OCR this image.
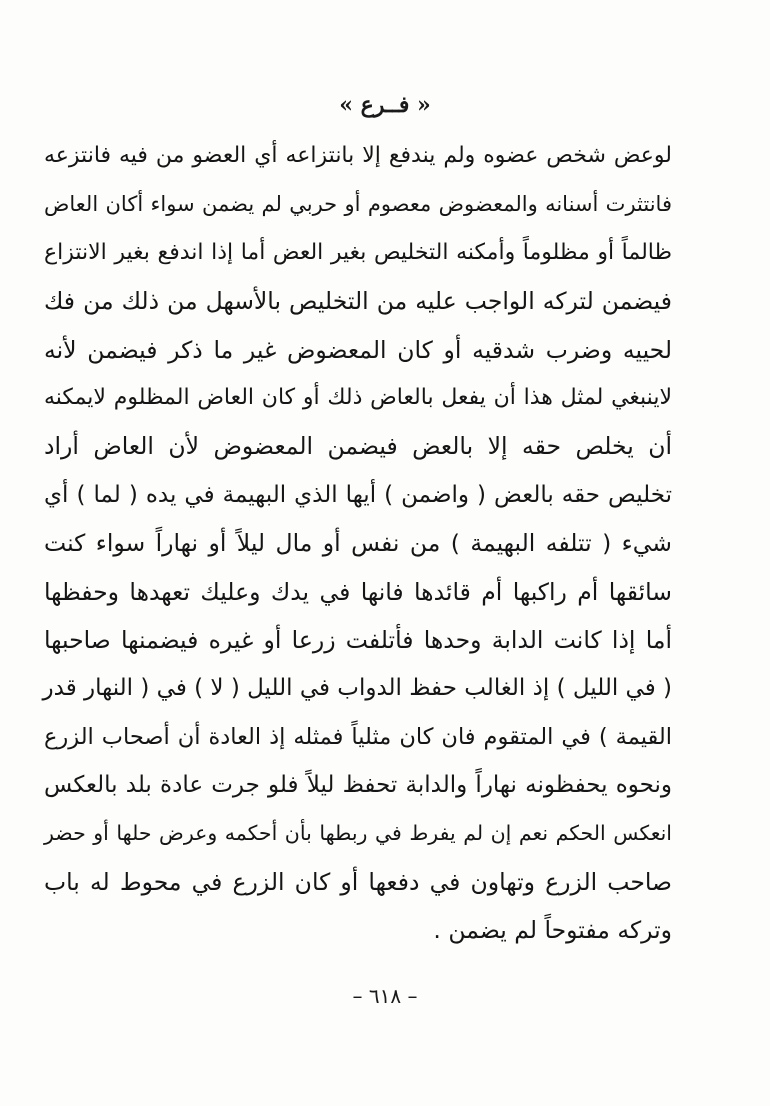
« فــرع »
لوعض شخص عضوه ولم يندفع إلا بانتزاعه أي العضو من فيه فانتزعه
فانتثرت أسنانه والمعضوض معصوم أو حربي لم يضمن سواء أكان العاض
ظالماً أو مظلوماً وأمكنه التخليص بغير العض أما إذا اندفع بغير الانتزاع
فيضمن لتركه الواجب عليه من التخليص بالأسهل من ذلك من فك
لحييه وضرب شدقيه أو كان المعضوض غير ما ذكر فيضمن لأنه
لاينبغي لمثل هذا أن يفعل بالعاض ذلك أو كان العاض المظلوم لايمكنه
أن يخلص حقه إلا بالعض فيضمن المعضوض لأن العاض أراد
تخليص حقه بالعض ( واضمن ) أيها الذي البهيمة في يده ( لما ) أي
شيء ( تتلفه البهيمة ) من نفس أو مال ليلاً أو نهاراً سواء كنت
سائقها أم راكبها أم قائدها فانها في يدك وعليك تعهدها وحفظها
أما إذا كانت الدابة وحدها فأتلفت زرعا أو غيره فيضمنها صاحبها
( في الليل ) إذ الغالب حفظ الدواب في الليل ( لا ) في ( النهار قدر
القيمة ) في المتقوم فان كان مثلياً فمثله إذ العادة أن أصحاب الزرع
ونحوه يحفظونه نهاراً والدابة تحفظ ليلاً فلو جرت عادة بلد بالعكس
انعكس الحكم نعم إن لم يفرط في ربطها بأن أحكمه وعرض حلها أو حضر
صاحب الزرع وتهاون في دفعها أو كان الزرع في محوط له باب
وتركه مفتوحاً لم يضمن .
– ٦١٨ –
